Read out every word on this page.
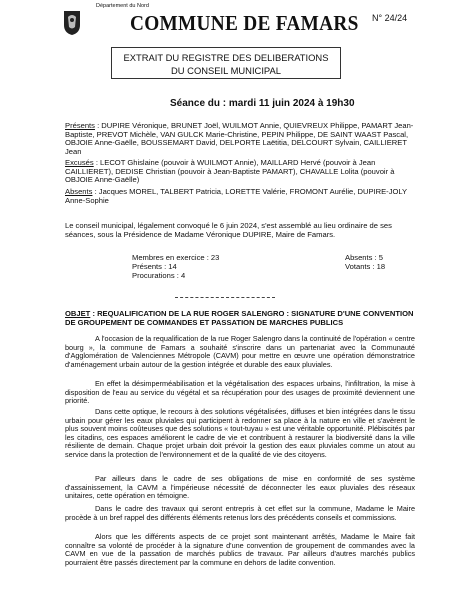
Département du Nord
COMMUNE DE FAMARS N° 24/24
EXTRAIT DU REGISTRE DES DELIBERATIONS
DU CONSEIL MUNICIPAL
Séance du : mardi 11 juin 2024 à 19h30
Présents : DUPIRE Véronique, BRUNET Joël, WUILMOT Annie, QUIEVREUX Philippe, PAMART Jean-Baptiste, PREVOT Michèle, VAN GULCK Marie-Christine, PEPIN Philippe, DE SAINT WAAST Pascal, OBJOIE Anne-Gaëlle, BOUSSEMART David, DELPORTE Laëtitia, DELCOURT Sylvain, CAILLIERET Jean
Excusés : LECOT Ghislaine (pouvoir à WUILMOT Annie), MAILLARD Hervé (pouvoir à Jean CAILLIERET), DEDISE Christian (pouvoir à Jean-Baptiste PAMART), CHAVALLE Lolita (pouvoir à OBJOIE Anne-Gaëlle)
Absents : Jacques MOREL, TALBERT Patricia, LORETTE Valérie, FROMONT Aurélie, DUPIRE-JOLY Anne-Sophie
Le conseil municipal, légalement convoqué le 6 juin 2024, s'est assemblé au lieu ordinaire de ses séances, sous la Présidence de Madame Véronique DUPIRE, Maire de Famars.
Membres en exercice : 23
Présents : 14
Procurations : 4
Absents : 5
Votants : 18
OBJET : REQUALIFICATION DE LA RUE ROGER SALENGRO : SIGNATURE D'UNE CONVENTION DE GROUPEMENT DE COMMANDES ET PASSATION DE MARCHES PUBLICS
A l'occasion de la requalification de la rue Roger Salengro dans la continuité de l'opération « centre bourg », la commune de Famars a souhaité s'inscrire dans un partenariat avec la Communauté d'Agglomération de Valenciennes Métropole (CAVM) pour mettre en œuvre une opération démonstratrice d'aménagement urbain autour de la gestion intégrée et durable des eaux pluviales.
En effet la désimperméabilisation et la végétalisation des espaces urbains, l'infiltration, la mise à disposition de l'eau au service du végétal et sa récupération pour des usages de proximité deviennent une priorité.
Dans cette optique, le recours à des solutions végétalisées, diffuses et bien intégrées dans le tissu urbain pour gérer les eaux pluviales qui participent à redonner sa place à la nature en ville et s'avèrent le plus souvent moins coûteuses que des solutions « tout-tuyau » est une véritable opportunité. Plébiscités par les citadins, ces espaces améliorent le cadre de vie et contribuent à restaurer la biodiversité dans la ville résiliente de demain. Chaque projet urbain doit prévoir la gestion des eaux pluviales comme un atout au service dans la protection de l'environnement et de la qualité de vie des citoyens.
Par ailleurs dans le cadre de ses obligations de mise en conformité de ses système d'assainissement, la CAVM a l'impérieuse nécessité de déconnecter les eaux pluviales des réseaux unitaires, cette opération en témoigne.
Dans le cadre des travaux qui seront entrepris à cet effet sur la commune, Madame le Maire procède à un bref rappel des différents éléments retenus lors des précédents conseils et commissions.
Alors que les différents aspects de ce projet sont maintenant arrêtés, Madame le Maire fait connaître sa volonté de procéder à la signature d'une convention de groupement de commandes avec la CAVM en vue de la passation de marchés publics de travaux. Par ailleurs d'autres marchés publics pourraient être passés directement par la commune en dehors de ladite convention.
